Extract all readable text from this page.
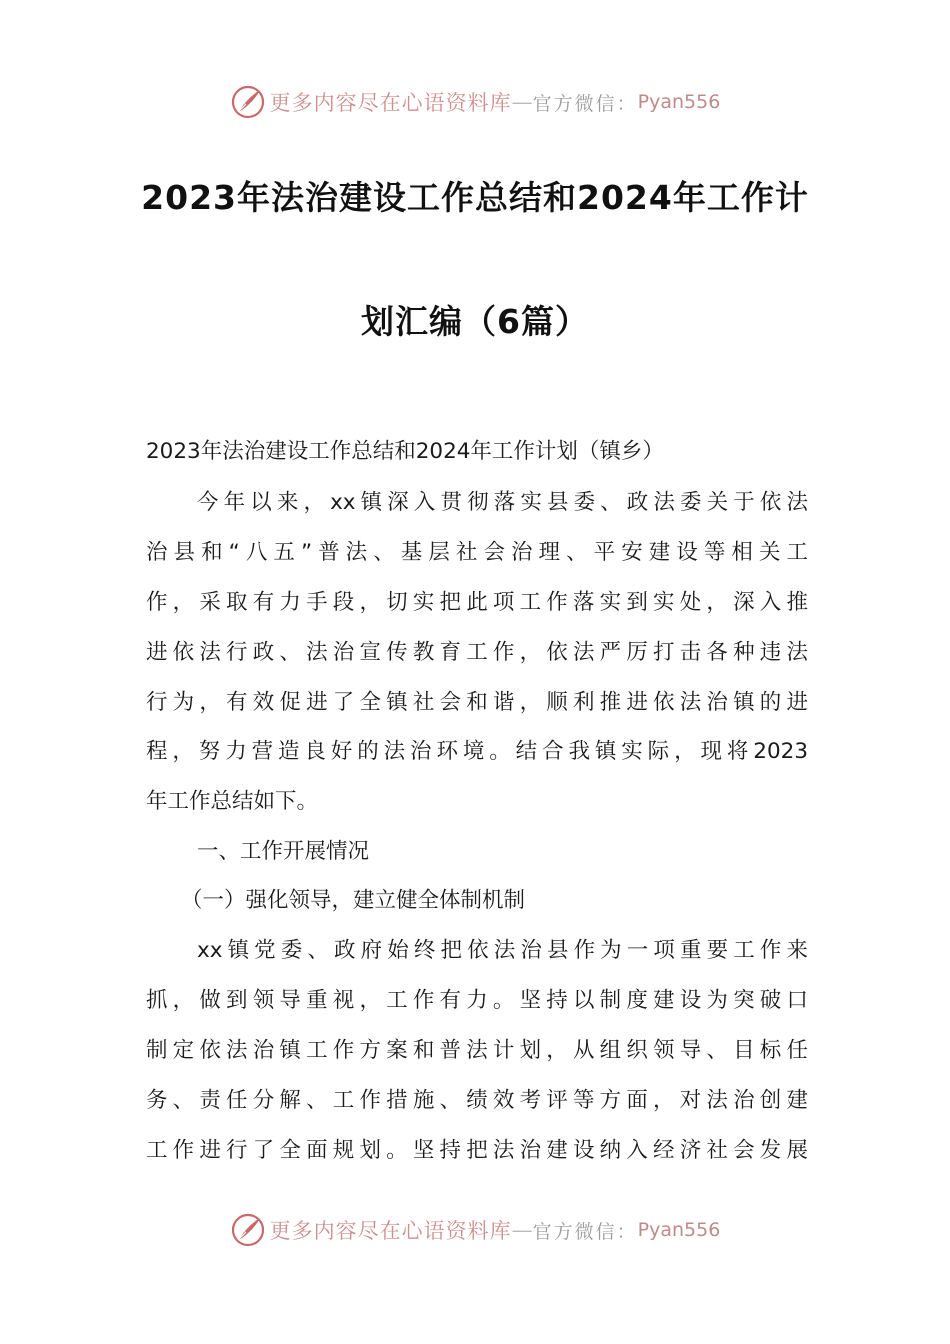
更多内容尽在心语资料库 — 官方微信： Pyan556
2023年法治建设工作总结和2024年工作计
划汇编（6篇）
2023年法治建设工作总结和2024年工作计划（镇乡）
今年以来，xx镇深入贯彻落实县委、政法委关于依法
治县和“八五”普法、基层社会治理、平安建设等相关工
作，采取有力手段，切实把此项工作落实到实处，深入推
进依法行政、法治宣传教育工作，依法严厉打击各种违法
行为，有效促进了全镇社会和谐，顺利推进依法治镇的进
程，努力营造良好的法治环境。结合我镇实际，现将2023
年工作总结如下。
一、工作开展情况
（一）强化领导，建立健全体制机制
xx镇党委、政府始终把依法治县作为一项重要工作来
抓，做到领导重视，工作有力。坚持以制度建设为突破口
制定依法治镇工作方案和普法计划，从组织领导、目标任
务、责任分解、工作措施、绩效考评等方面，对法治创建
工作进行了全面规划。坚持把法治建设纳入经济社会发展
更多内容尽在心语资料库 — 官方微信： Pyan556
